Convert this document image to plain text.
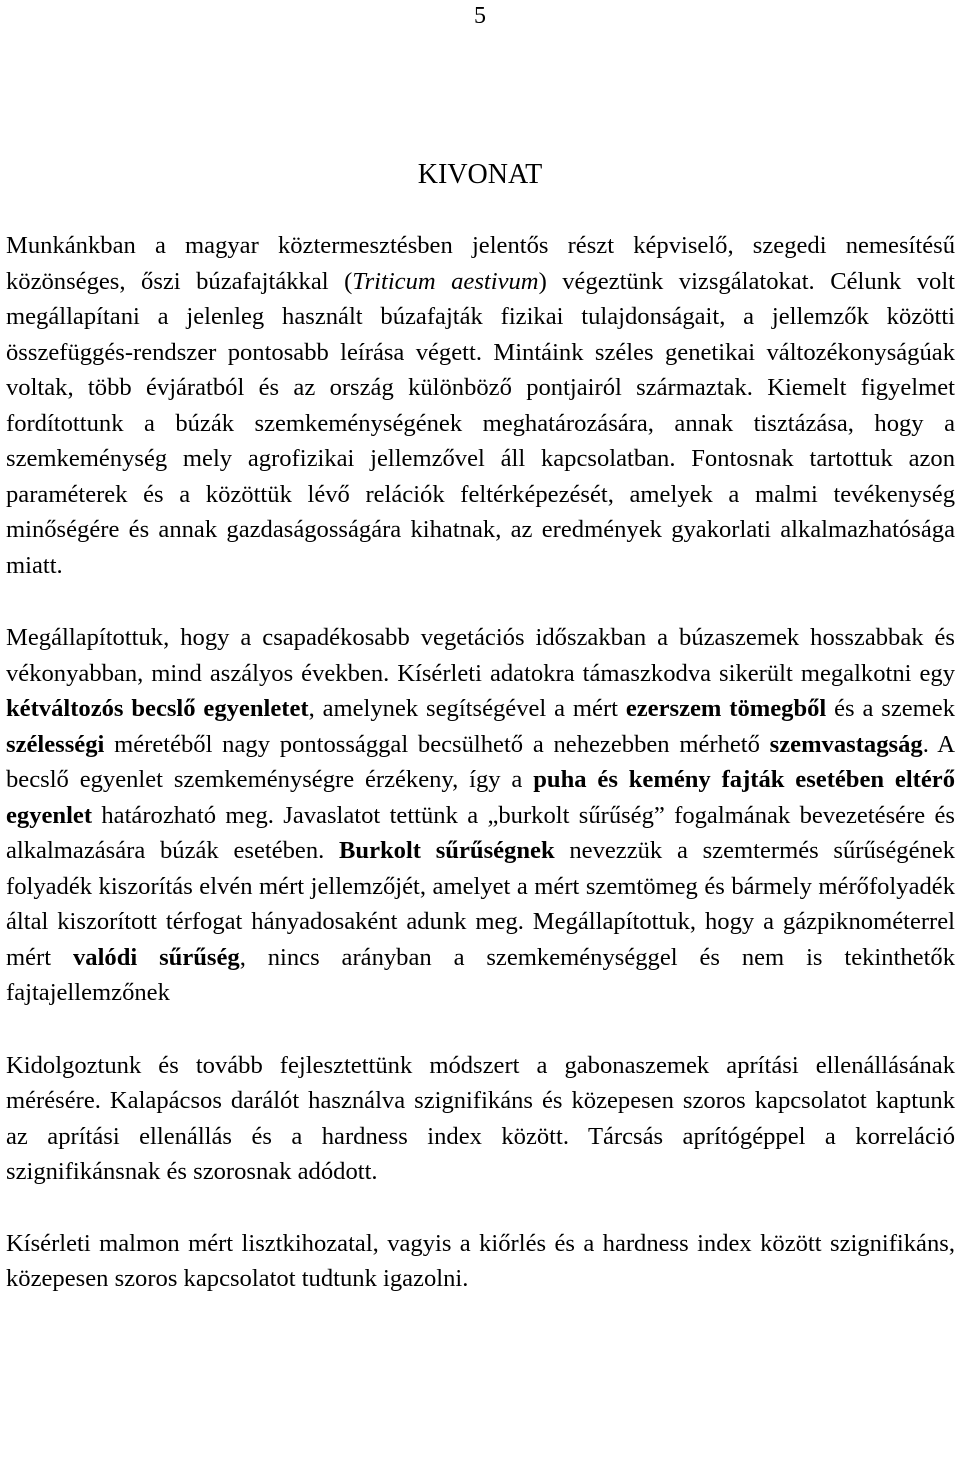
5
KIVONAT

Munkánkban a magyar köztermesztésben jelentős részt képviselő, szegedi nemesítésű közönséges, őszi búzafajtákkal (Triticum aestivum) végeztünk vizsgálatokat. Célunk volt megállapítani a jelenleg használt búzafajták fizikai tulajdonságait, a jellemzők közötti összefüggés-rendszer pontosabb leírása végett. Mintáink széles genetikai változékonyságúak voltak, több évjáratból és az ország különböző pontjairól származtak. Kiemelt figyelmet fordítottunk a búzák szemkeménységének meghatározására, annak tisztázása, hogy a szemkeménység mely agrofizikai jellemzővel áll kapcsolatban. Fontosnak tartottuk azon paraméterek és a közöttük lévő relációk feltérképezését, amelyek a malmi tevékenység minőségére és annak gazdaságosságára kihatnak, az eredmények gyakorlati alkalmazhatósága miatt.

Megállapítottuk, hogy a csapadékosabb vegetációs időszakban a búzaszemek hosszabbak és vékonyabban, mind aszályos években. Kísérleti adatokra támaszkodva sikerült megalkotni egy kétváltozós becslő egyenletet, amelynek segítségével a mért ezerszem tömegből és a szemek szélességi méretéből nagy pontossággal becsülhető a nehezebben mérhető szemvastagság. A becslő egyenlet szemkeménységre érzékeny, így a puha és kemény fajták esetében eltérő egyenlet határozható meg. Javaslatot tettünk a „burkolt sűrűség” fogalmának bevezetésére és alkalmazására búzák esetében. Burkolt sűrűségnek nevezzük a szemtermés sűrűségének folyadék kiszorítás elvén mért jellemzőjét, amelyet a mért szemtömeg és bármely mérőfolyadék által kiszorított térfogat hányadosaként adunk meg. Megállapítottuk, hogy a gázpiknométerrel mért valódi sűrűség, nincs arányban a szemkeménységgel és nem is tekinthetők fajtajellemzőnek

Kidolgoztunk és tovább fejlesztettünk módszert a gabonaszemek aprítási ellenállásának mérésére. Kalapácsos darálót használva szignifikáns és közepesen szoros kapcsolatot kaptunk az aprítási ellenállás és a hardness index között. Tárcsás aprítógéppel a korreláció szignifikánsnak és szorosnak adódott.

Kísérleti malmon mért lisztkihozatal, vagyis a kiőrlés és a hardness index között szignifikáns, közepesen szoros kapcsolatot tudtunk igazolni.
